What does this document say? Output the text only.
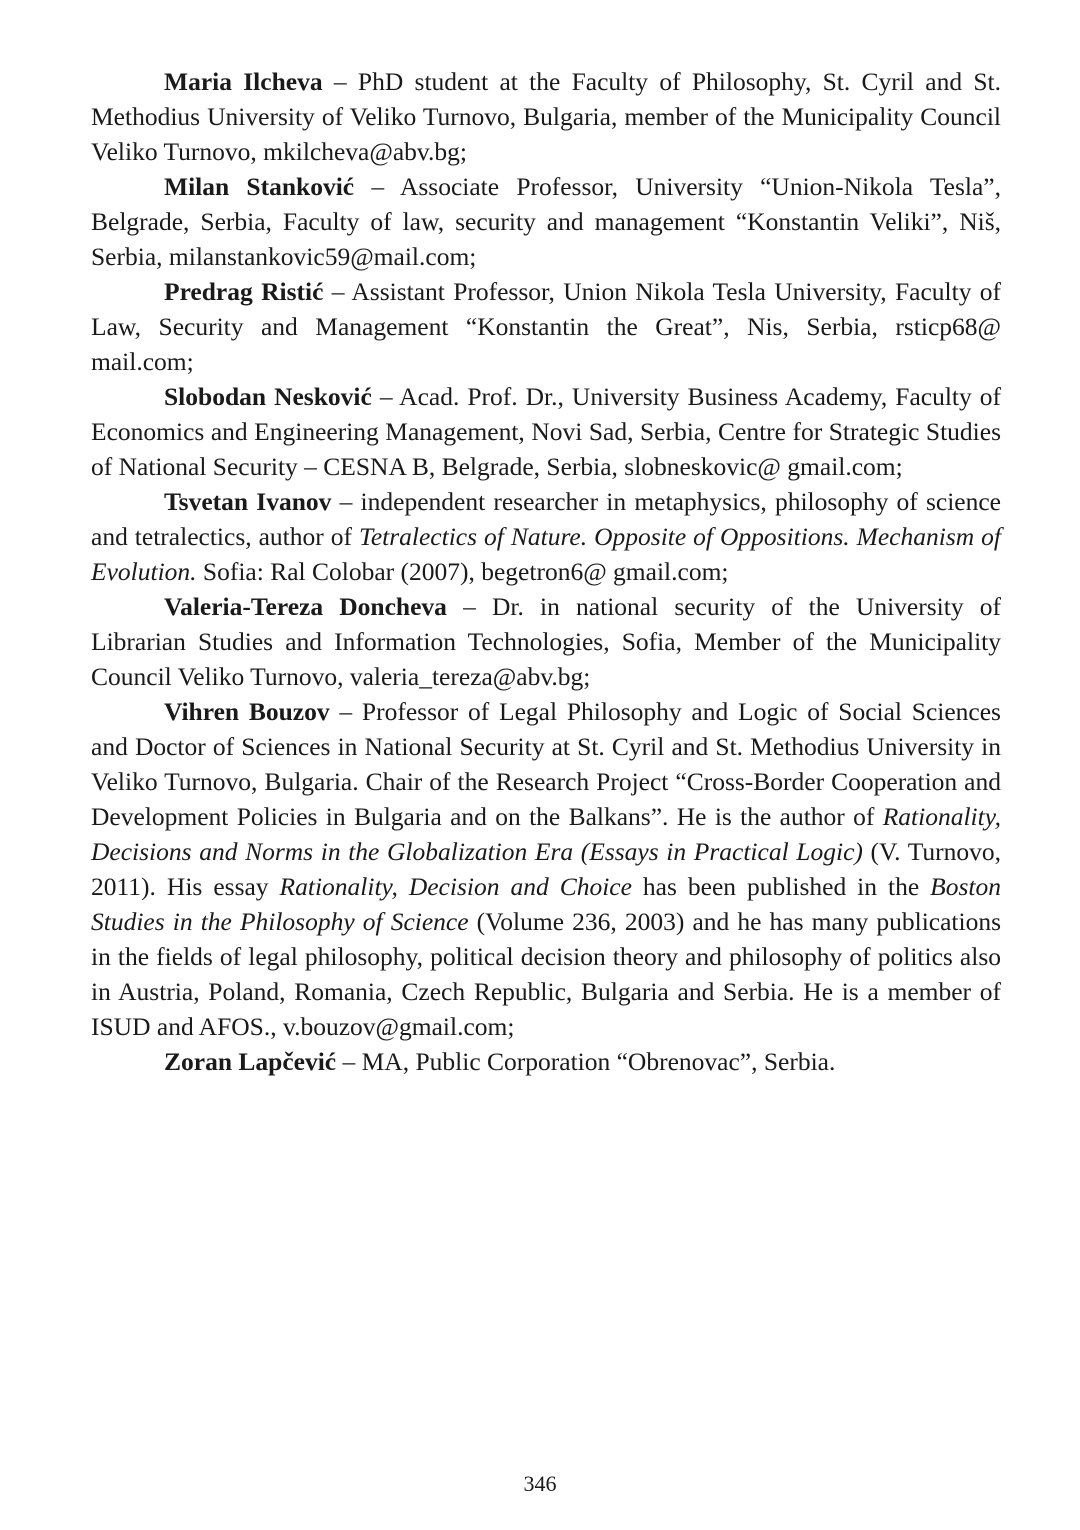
Maria Ilcheva – PhD student at the Faculty of Philosophy, St. Cyril and St. Methodius University of Veliko Turnovo, Bulgaria, member of the Municipality Council Veliko Turnovo, mkilcheva@abv.bg;

Milan Stanković – Associate Professor, University “Union-Nikola Tesla”, Belgrade, Serbia, Faculty of law, security and management “Konstantin Veliki”, Niš, Serbia, milanstankovic59@mail.com;

Predrag Ristić – Assistant Professor, Union Nikola Tesla University, Faculty of Law, Security and Management “Konstantin the Great”, Nis, Serbia, rsticp68@ mail.com;

Slobodan Nesković – Acad. Prof. Dr., University Business Academy, Faculty of Economics and Engineering Management, Novi Sad, Serbia, Centre for Strategic Studies of National Security – CESNA B, Belgrade, Serbia, slobneskovic@ gmail.com;

Tsvetan Ivanov – independent researcher in metaphysics, philosophy of science and tetralectics, author of Tetralectics of Nature. Opposite of Oppositions. Mechanism of Evolution. Sofia: Ral Colobar (2007), begetron6@ gmail.com;

Valeria-Tereza Doncheva – Dr. in national security of the University of Librarian Studies and Information Technologies, Sofia, Member of the Municipality Council Veliko Turnovo, valeria_tereza@abv.bg;

Vihren Bouzov – Professor of Legal Philosophy and Logic of Social Sciences and Doctor of Sciences in National Security at St. Cyril and St. Methodius University in Veliko Turnovo, Bulgaria. Chair of the Research Project “Cross-Border Cooperation and Development Policies in Bulgaria and on the Balkans”. He is the author of Rationality, Decisions and Norms in the Globalization Era (Essays in Practical Logic) (V. Turnovo, 2011). His essay Rationality, Decision and Choice has been published in the Boston Studies in the Philosophy of Science (Volume 236, 2003) and he has many publications in the fields of legal philosophy, political decision theory and philosophy of politics also in Austria, Poland, Romania, Czech Republic, Bulgaria and Serbia. He is a member of ISUD and AFOS., v.bouzov@gmail.com;

Zoran Lapčević – MA, Public Corporation “Obrenovac”, Serbia.

346
